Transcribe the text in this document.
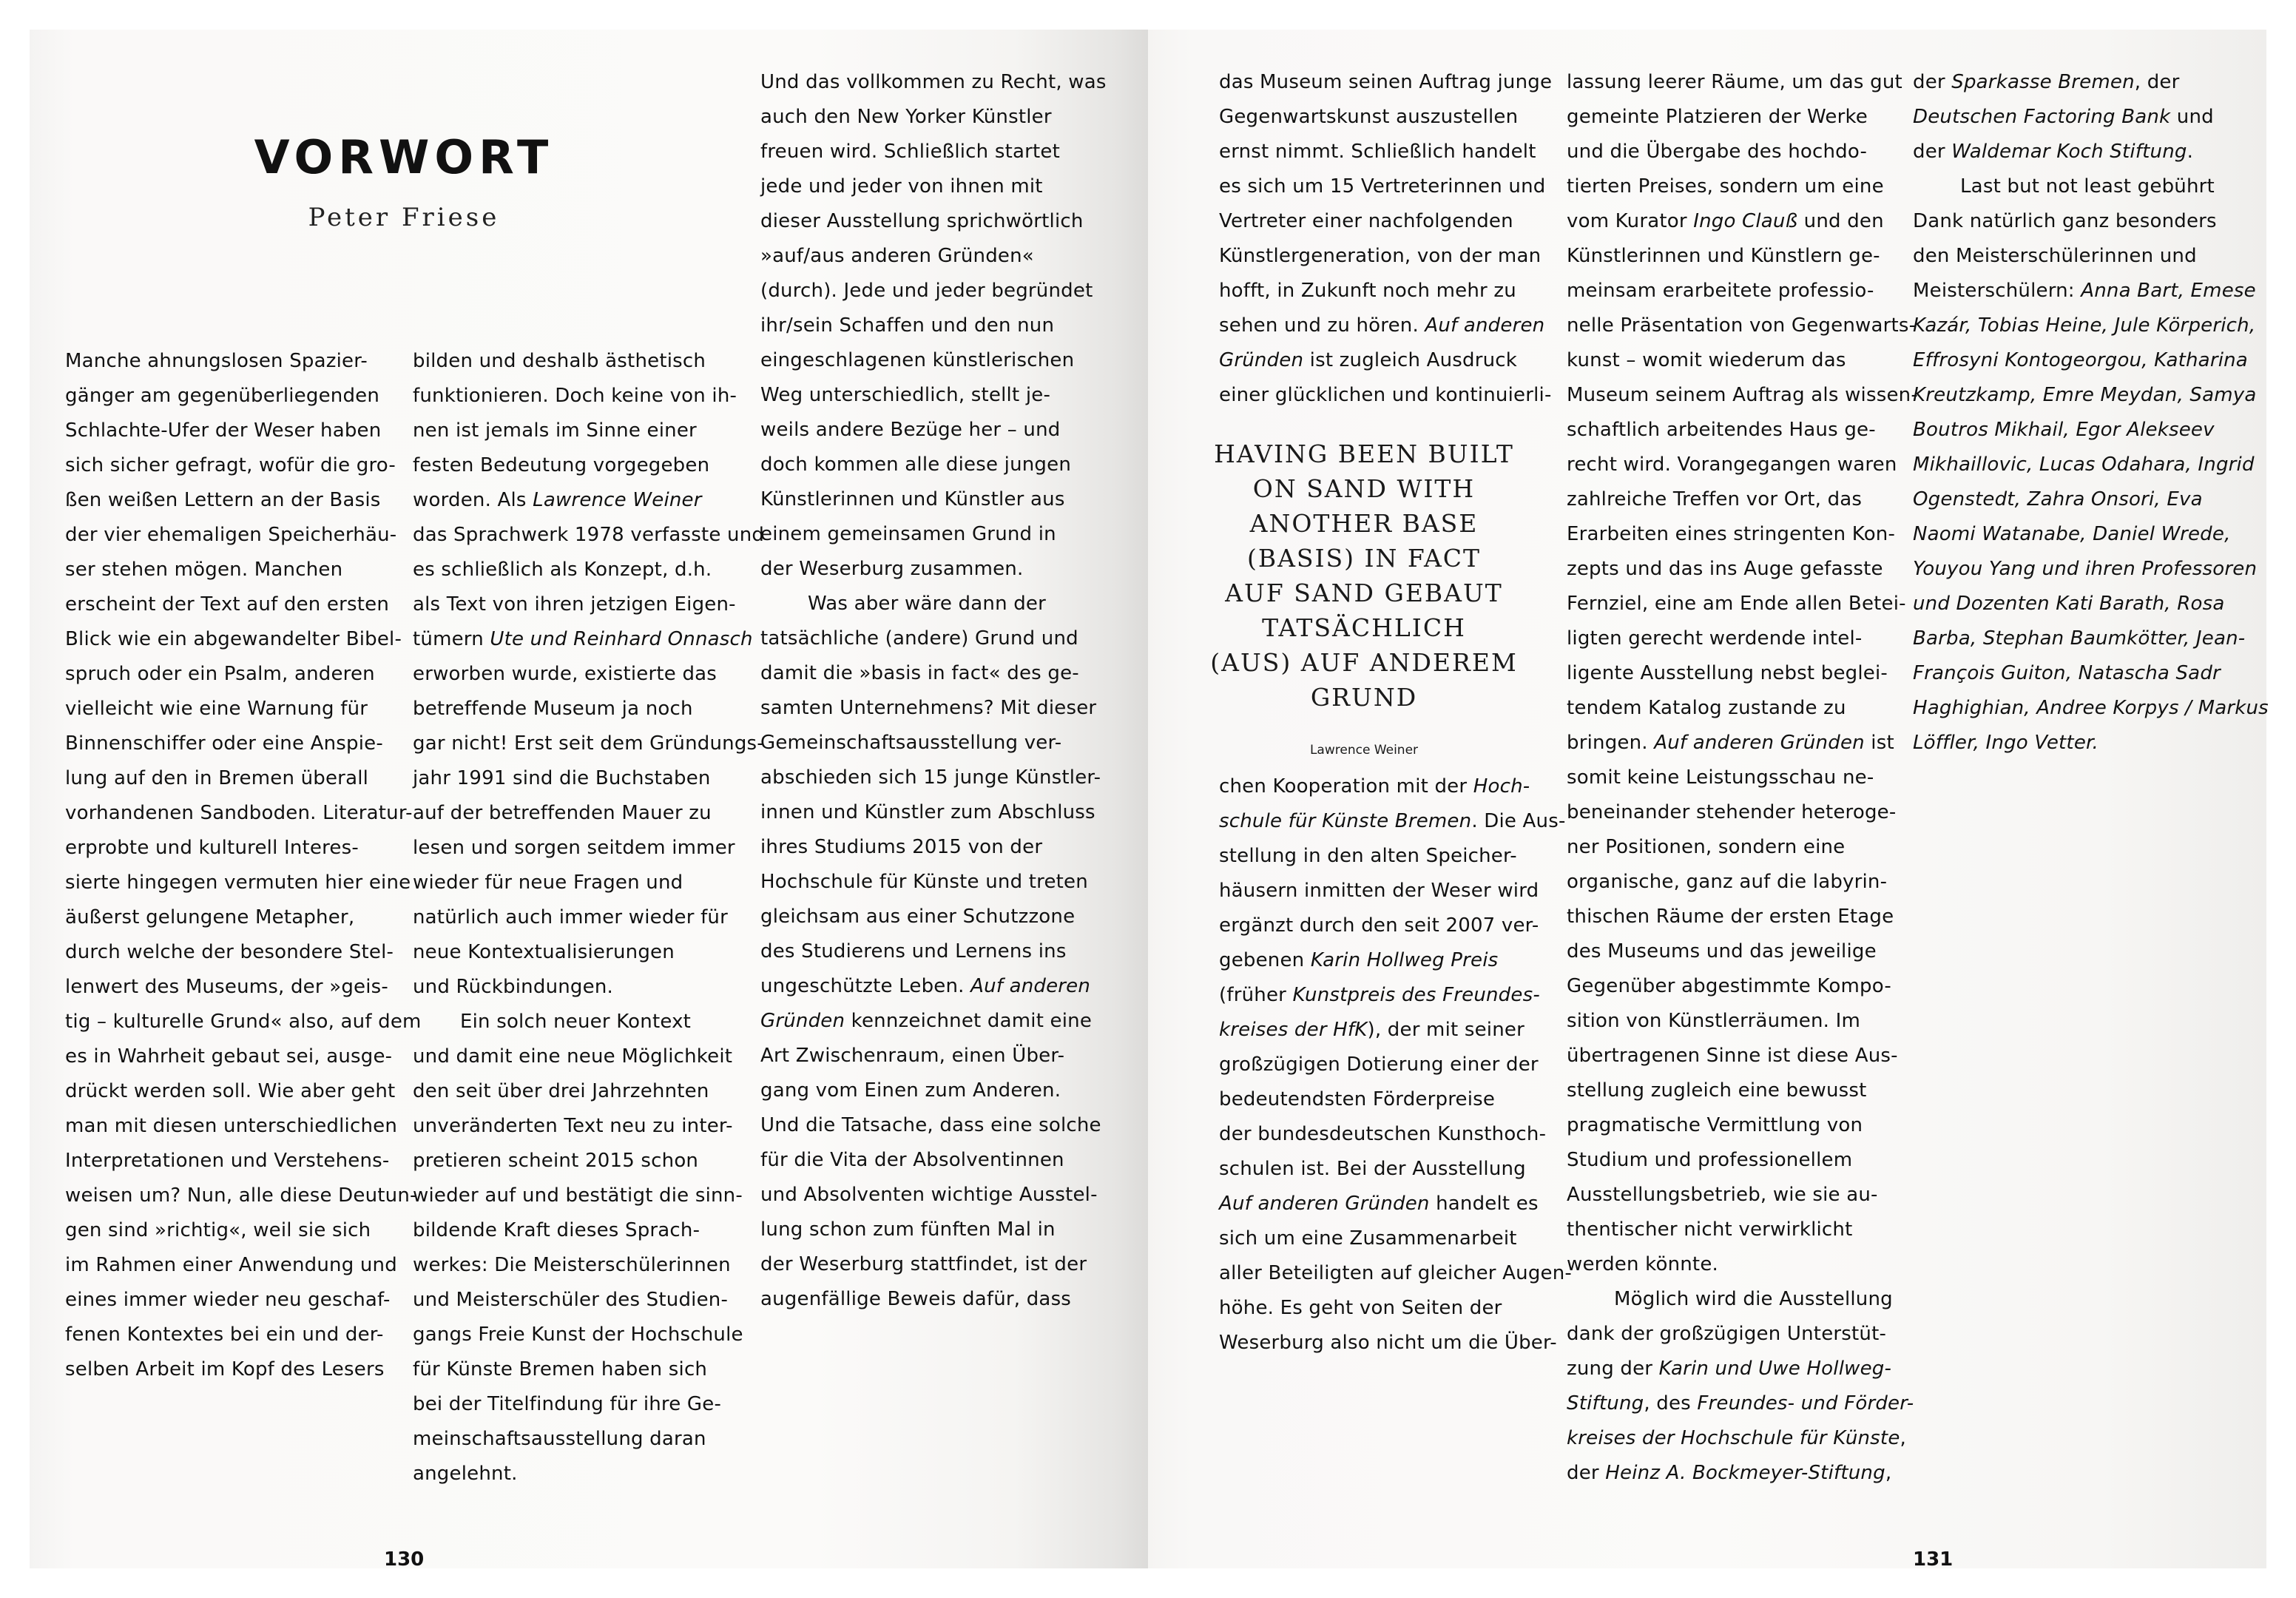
VORWORT
Peter Friese
Manche ahnungslosen Spazier-
gänger am gegenüberliegenden
Schlachte-Ufer der Weser haben
sich sicher gefragt, wofür die gro-
ßen weißen Lettern an der Basis
der vier ehemaligen Speicherhäu-
ser stehen mögen. Manchen
erscheint der Text auf den ersten
Blick wie ein abgewandelter Bibel-
spruch oder ein Psalm, anderen
vielleicht wie eine Warnung für
Binnenschiffer oder eine Anspie-
lung auf den in Bremen überall
vorhandenen Sandboden. Literatur-
erprobte und kulturell Interes-
sierte hingegen vermuten hier eine
äußerst gelungene Metapher,
durch welche der besondere Stel-
lenwert des Museums, der »geis-
tig – kulturelle Grund« also, auf dem
es in Wahrheit gebaut sei, ausge-
drückt werden soll. Wie aber geht
man mit diesen unterschiedlichen
Interpretationen und Verstehens-
weisen um? Nun, alle diese Deutun-
gen sind »richtig«, weil sie sich
im Rahmen einer Anwendung und
eines immer wieder neu geschaf-
fenen Kontextes bei ein und der-
selben Arbeit im Kopf des Lesers
bilden und deshalb ästhetisch
funktionieren. Doch keine von ih-
nen ist jemals im Sinne einer
festen Bedeutung vorgegeben
worden. Als Lawrence Weiner
das Sprachwerk 1978 verfasste und
es schließlich als Konzept, d.h.
als Text von ihren jetzigen Eigen-
tümern Ute und Reinhard Onnasch
erworben wurde, existierte das
betreffende Museum ja noch
gar nicht! Erst seit dem Gründungs-
jahr 1991 sind die Buchstaben
auf der betreffenden Mauer zu
lesen und sorgen seitdem immer
wieder für neue Fragen und
natürlich auch immer wieder für
neue Kontextualisierungen
und Rückbindungen.
Ein solch neuer Kontext
und damit eine neue Möglichkeit
den seit über drei Jahrzehnten
unveränderten Text neu zu inter-
pretieren scheint 2015 schon
wieder auf und bestätigt die sinn-
bildende Kraft dieses Sprach-
werkes: Die Meisterschülerinnen
und Meisterschüler des Studien-
gangs Freie Kunst der Hochschule
für Künste Bremen haben sich
bei der Titelfindung für ihre Ge-
meinschaftsausstellung daran
angelehnt.
Und das vollkommen zu Recht, was
auch den New Yorker Künstler
freuen wird. Schließlich startet
jede und jeder von ihnen mit
dieser Ausstellung sprichwörtlich
»auf/aus anderen Gründen«
(durch). Jede und jeder begründet
ihr/sein Schaffen und den nun
eingeschlagenen künstlerischen
Weg unterschiedlich, stellt je-
weils andere Bezüge her – und
doch kommen alle diese jungen
Künstlerinnen und Künstler aus
einem gemeinsamen Grund in
der Weserburg zusammen.
Was aber wäre dann der
tatsächliche (andere) Grund und
damit die »basis in fact« des ge-
samten Unternehmens? Mit dieser
Gemeinschaftsausstellung ver-
abschieden sich 15 junge Künstler-
innen und Künstler zum Abschluss
ihres Studiums 2015 von der
Hochschule für Künste und treten
gleichsam aus einer Schutzzone
des Studierens und Lernens ins
ungeschützte Leben. Auf anderen
Gründen kennzeichnet damit eine
Art Zwischenraum, einen Über-
gang vom Einen zum Anderen.
Und die Tatsache, dass eine solche
für die Vita der Absolventinnen
und Absolventen wichtige Ausstel-
lung schon zum fünften Mal in
der Weserburg stattfindet, ist der
augenfällige Beweis dafür, dass
130
das Museum seinen Auftrag junge
Gegenwartskunst auszustellen
ernst nimmt. Schließlich handelt
es sich um 15 Vertreterinnen und
Vertreter einer nachfolgenden
Künstlergeneration, von der man
hofft, in Zukunft noch mehr zu
sehen und zu hören. Auf anderen
Gründen ist zugleich Ausdruck
einer glücklichen und kontinuierli-
chen Kooperation mit der Hoch-
schule für Künste Bremen. Die Aus-
stellung in den alten Speicher-
häusern inmitten der Weser wird
ergänzt durch den seit 2007 ver-
gebenen Karin Hollweg Preis
(früher Kunstpreis des Freundes-
kreises der HfK), der mit seiner
großzügigen Dotierung einer der
bedeutendsten Förderpreise
der bundesdeutschen Kunsthoch-
schulen ist. Bei der Ausstellung
Auf anderen Gründen handelt es
sich um eine Zusammenarbeit
aller Beteiligten auf gleicher Augen-
höhe. Es geht von Seiten der
Weserburg also nicht um die Über-
lassung leerer Räume, um das gut
gemeinte Platzieren der Werke
und die Übergabe des hochdo-
tierten Preises, sondern um eine
vom Kurator Ingo Clauß und den
Künstlerinnen und Künstlern ge-
meinsam erarbeitete professio-
nelle Präsentation von Gegenwarts-
kunst – womit wiederum das
Museum seinem Auftrag als wissen-
schaftlich arbeitendes Haus ge-
recht wird. Vorangegangen waren
zahlreiche Treffen vor Ort, das
Erarbeiten eines stringenten Kon-
zepts und das ins Auge gefasste
Fernziel, eine am Ende allen Betei-
ligten gerecht werdende intel-
ligente Ausstellung nebst beglei-
tendem Katalog zustande zu
bringen. Auf anderen Gründen ist
somit keine Leistungsschau ne-
beneinander stehender heteroge-
ner Positionen, sondern eine
organische, ganz auf die labyrin-
thischen Räume der ersten Etage
des Museums und das jeweilige
Gegenüber abgestimmte Kompo-
sition von Künstlerräumen. Im
übertragenen Sinne ist diese Aus-
stellung zugleich eine bewusst
pragmatische Vermittlung von
Studium und professionellem
Ausstellungsbetrieb, wie sie au-
thentischer nicht verwirklicht
werden könnte.
Möglich wird die Ausstellung
dank der großzügigen Unterstüt-
zung der Karin und Uwe Hollweg-
Stiftung, des Freundes- und Förder-
kreises der Hochschule für Künste,
der Heinz A. Bockmeyer-Stiftung,
der Sparkasse Bremen, der
Deutschen Factoring Bank und
der Waldemar Koch Stiftung.
Last but not least gebührt
Dank natürlich ganz besonders
den Meisterschülerinnen und
Meisterschülern: Anna Bart, Emese
Kazár, Tobias Heine, Jule Körperich,
Effrosyni Kontogeorgou, Katharina
Kreutzkamp, Emre Meydan, Samya
Boutros Mikhail, Egor Alekseev
Mikhaillovic, Lucas Odahara, Ingrid
Ogenstedt, Zahra Onsori, Eva
Naomi Watanabe, Daniel Wrede,
Youyou Yang und ihren Professoren
und Dozenten Kati Barath, Rosa
Barba, Stephan Baumkötter, Jean-
François Guiton, Natascha Sadr
Haghighian, Andree Korpys / Markus
Löffler, Ingo Vetter.
131
HAVING BEEN BUILT
ON SAND WITH
ANOTHER BASE
(BASIS) IN FACT
AUF SAND GEBAUT
TATSÄCHLICH
(AUS) AUF ANDEREM
GRUND
Lawrence Weiner
